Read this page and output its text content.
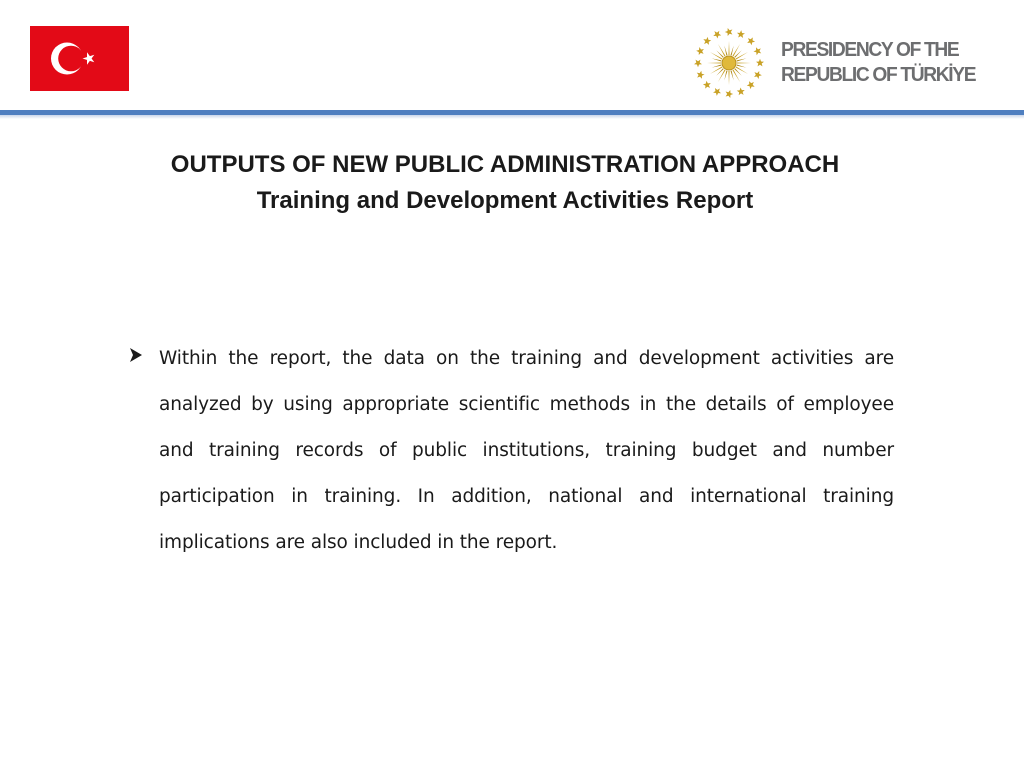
PRESIDENCY OF THE
REPUBLIC OF TÜRKİYE
OUTPUTS OF NEW PUBLIC ADMINISTRATION APPROACH
Training and Development Activities Report
Within the report, the data on the training and development activities are analyzed by using appropriate scientific methods in the details of employee and training records of public institutions, training budget and number participation in training. In addition, national and international training implications are also included in the report.
